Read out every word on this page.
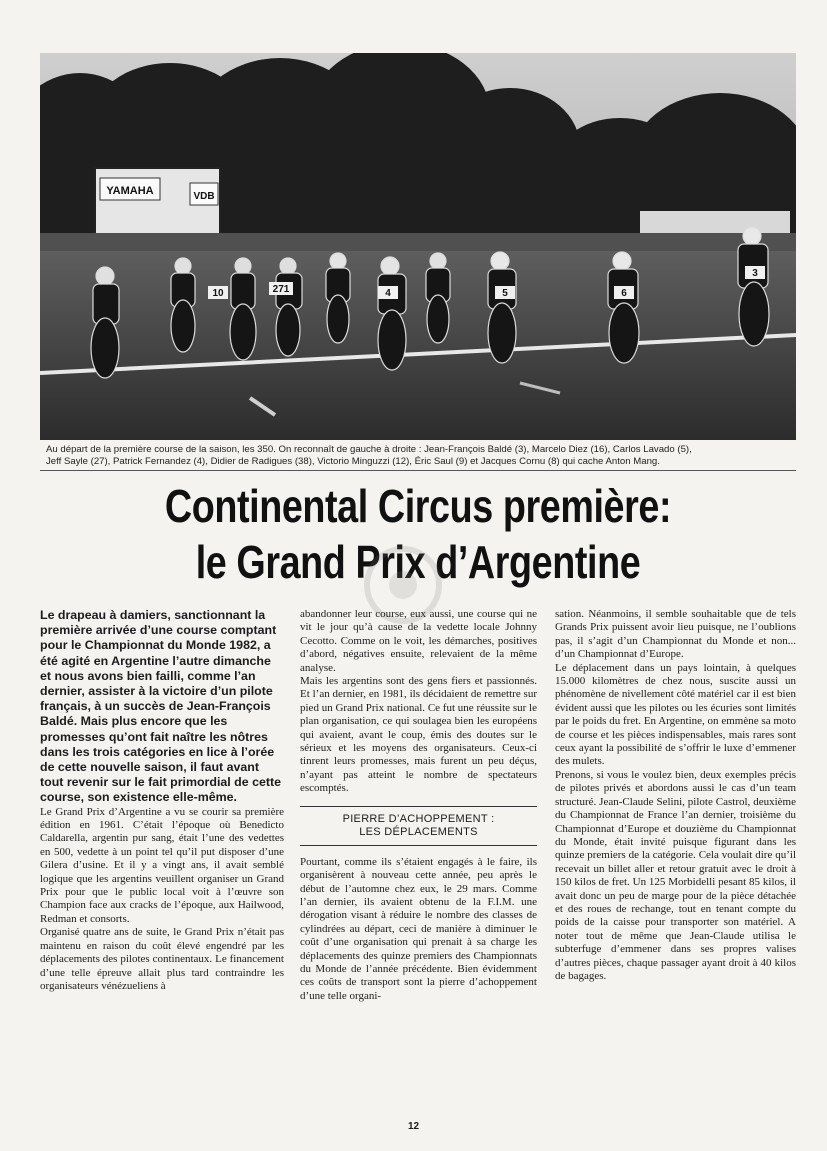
YAMAHA	VDB
10	271	4	5	6
3
Au départ de la première course de la saison, les 350. On reconnaît de gauche à droite : Jean-François Baldé (3), Marcelo Diez (16), Carlos Lavado (5),
Jeff Sayle (27), Patrick Fernandez (4), Didier de Radigues (38), Victorio Minguzzi (12), Éric Saul (9) et Jacques Cornu (8) qui cache Anton Mang.
Continental Circus première:
le Grand Prix d’Argentine

Le drapeau à damiers, sanctionnant la première arrivée d’une course comptant pour le Championnat du Monde 1982, a été agité en Argentine l’autre dimanche et nous avons bien failli, comme l’an dernier, assister à la victoire d’un pilote français, à un succès de Jean-François Baldé. Mais plus encore que les promesses qu’ont fait naître les nôtres dans les trois catégories en lice à l’orée de cette nouvelle saison, il faut avant tout revenir sur le fait primordial de cette course, son existence elle-même.

Le Grand Prix d’Argentine a vu se courir sa première édition en 1961. C’était l’époque où Benedicto Caldarella, argentin pur sang, était l’une des vedettes en 500, vedette à un point tel qu’il put disposer d’une Gilera d’usine. Et il y a vingt ans, il avait semblé logique que les argentins veuillent organiser un Grand Prix pour que le public local voit à l’œuvre son Champion face aux cracks de l’époque, aux Hailwood, Redman et consorts.

Organisé quatre ans de suite, le Grand Prix n’était pas maintenu en raison du coût élevé engendré par les déplacements des pilotes continentaux. Le financement d’une telle épreuve allait plus tard contraindre les organisateurs vénézueliens à

abandonner leur course, eux aussi, une course qui ne vit le jour qu’à cause de la vedette locale Johnny Cecotto. Comme on le voit, les démarches, positives d’abord, négatives ensuite, relevaient de la même analyse.

Mais les argentins sont des gens fiers et passionnés. Et l’an dernier, en 1981, ils décidaient de remettre sur pied un Grand Prix national. Ce fut une réussite sur le plan organisation, ce qui soulagea bien les européens qui avaient, avant le coup, émis des doutes sur le sérieux et les moyens des organisateurs. Ceux-ci tinrent leurs promesses, mais furent un peu déçus, n’ayant pas atteint le nombre de spectateurs escomptés.

PIERRE D’ACHOPPEMENT :
LES DÉPLACEMENTS

Pourtant, comme ils s’étaient engagés à le faire, ils organisèrent à nouveau cette année, peu après le début de l’automne chez eux, le 29 mars. Comme l’an dernier, ils avaient obtenu de la F.I.M. une dérogation visant à réduire le nombre des classes de cylindrées au départ, ceci de manière à diminuer le coût d’une organisation qui prenait à sa charge les déplacements des quinze premiers des Championnats du Monde de l’année précédente. Bien évidemment ces coûts de transport sont la pierre d’achoppement d’une telle organi-

sation. Néanmoins, il semble souhaitable que de tels Grands Prix puissent avoir lieu puisque, ne l’oublions pas, il s’agit d’un Championnat du Monde et non... d’un Championnat d’Europe.

Le déplacement dans un pays lointain, à quelques 15.000 kilomètres de chez nous, suscite aussi un phénomène de nivellement côté matériel car il est bien évident aussi que les pilotes ou les écuries sont limités par le poids du fret. En Argentine, on emmène sa moto de course et les pièces indispensables, mais rares sont ceux ayant la possibilité de s’offrir le luxe d’emmener des mulets.

Prenons, si vous le voulez bien, deux exemples précis de pilotes privés et abordons aussi le cas d’un team structuré. Jean-Claude Selini, pilote Castrol, deuxième du Championnat de France l’an dernier, troisième du Championnat d’Europe et douzième du Championnat du Monde, était invité puisque figurant dans les quinze premiers de la catégorie. Cela voulait dire qu’il recevait un billet aller et retour gratuit avec le droit à 150 kilos de fret. Un 125 Morbidelli pesant 85 kilos, il avait donc un peu de marge pour de la pièce détachée et des roues de rechange, tout en tenant compte du poids de la caisse pour transporter son matériel. A noter tout de même que Jean-Claude utilisa le subterfuge d’emmener dans ses propres valises d’autres pièces, chaque passager ayant droit à 40 kilos de bagages.

12
